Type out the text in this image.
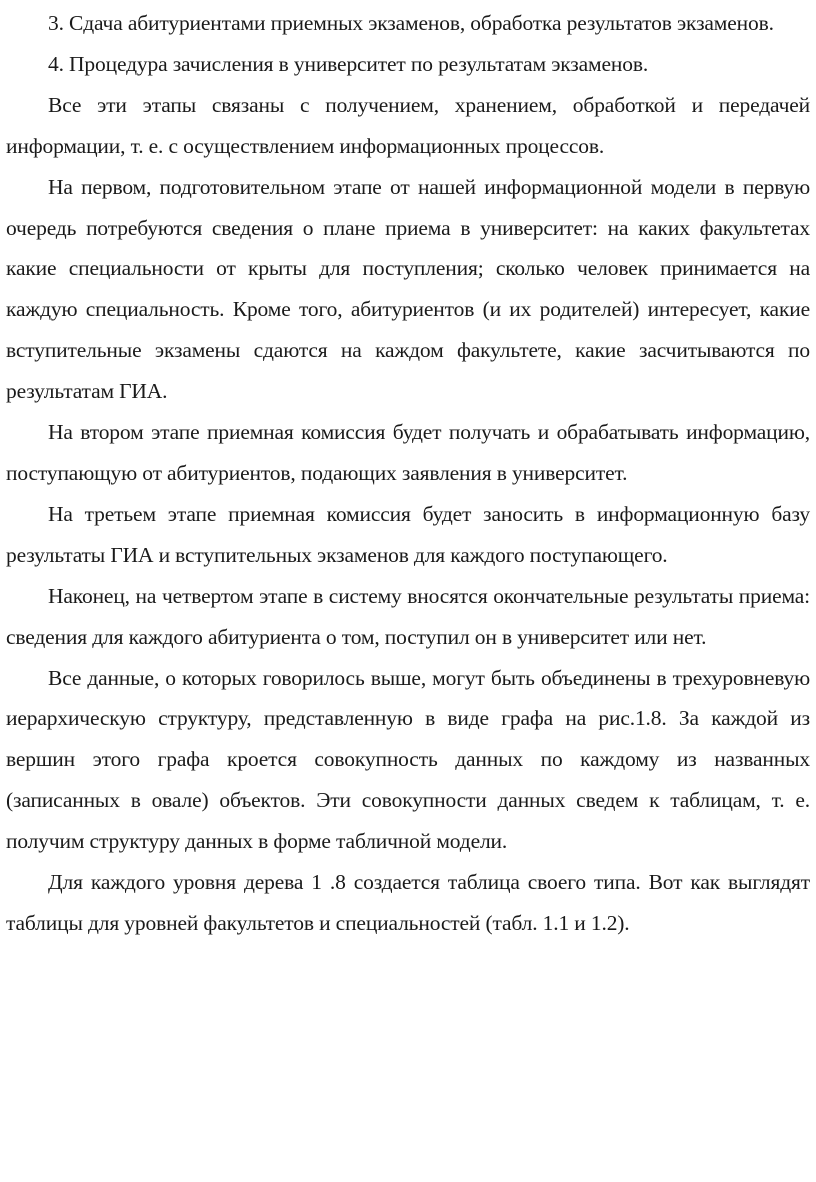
3. Сдача абитуриентами приемных экзаменов, обработка результатов экзаменов.

4. Процедура зачисления в университет по результатам экзаменов.

Все эти этапы связаны с получением, хранением, обработкой и передачей информации, т. е. с осуществлением информационных процессов.

На первом, подготовительном этапе от нашей информационной модели в первую очередь потребуются сведения о плане приема в университет: на каких факультетах какие специальности от крыты для поступления; сколько человек принимается на каждую специальность. Кроме того, абитуриентов (и их родителей) интересует, какие вступительные экзамены сдаются на каждом факультете, какие засчитываются по результатам ГИА.

На втором этапе приемная комиссия будет получать и обрабатывать информацию, поступающую от абитуриентов, подающих заявления в университет.

На третьем этапе приемная комиссия будет заносить в информационную базу результаты ГИА и вступительных экзаменов для каждого поступающего.

Наконец, на четвертом этапе в систему вносятся окончательные результаты приема: сведения для каждого абитуриента о том, поступил он в университет или нет.

Все данные, о которых говорилось выше, могут быть объединены в трехуровневую иерархическую структуру, представленную в виде графа на рис.1.8. За каждой из вершин этого графа кроется совокупность данных по каждому из названных (записанных в овале) объектов. Эти совокупности данных сведем к таблицам, т. е. получим структуру данных в форме табличной модели.

Для каждого уровня дерева 1 .8 создается таблица своего типа. Вот как выглядят таблицы для уровней факультетов и специальностей (табл. 1.1 и 1.2).
